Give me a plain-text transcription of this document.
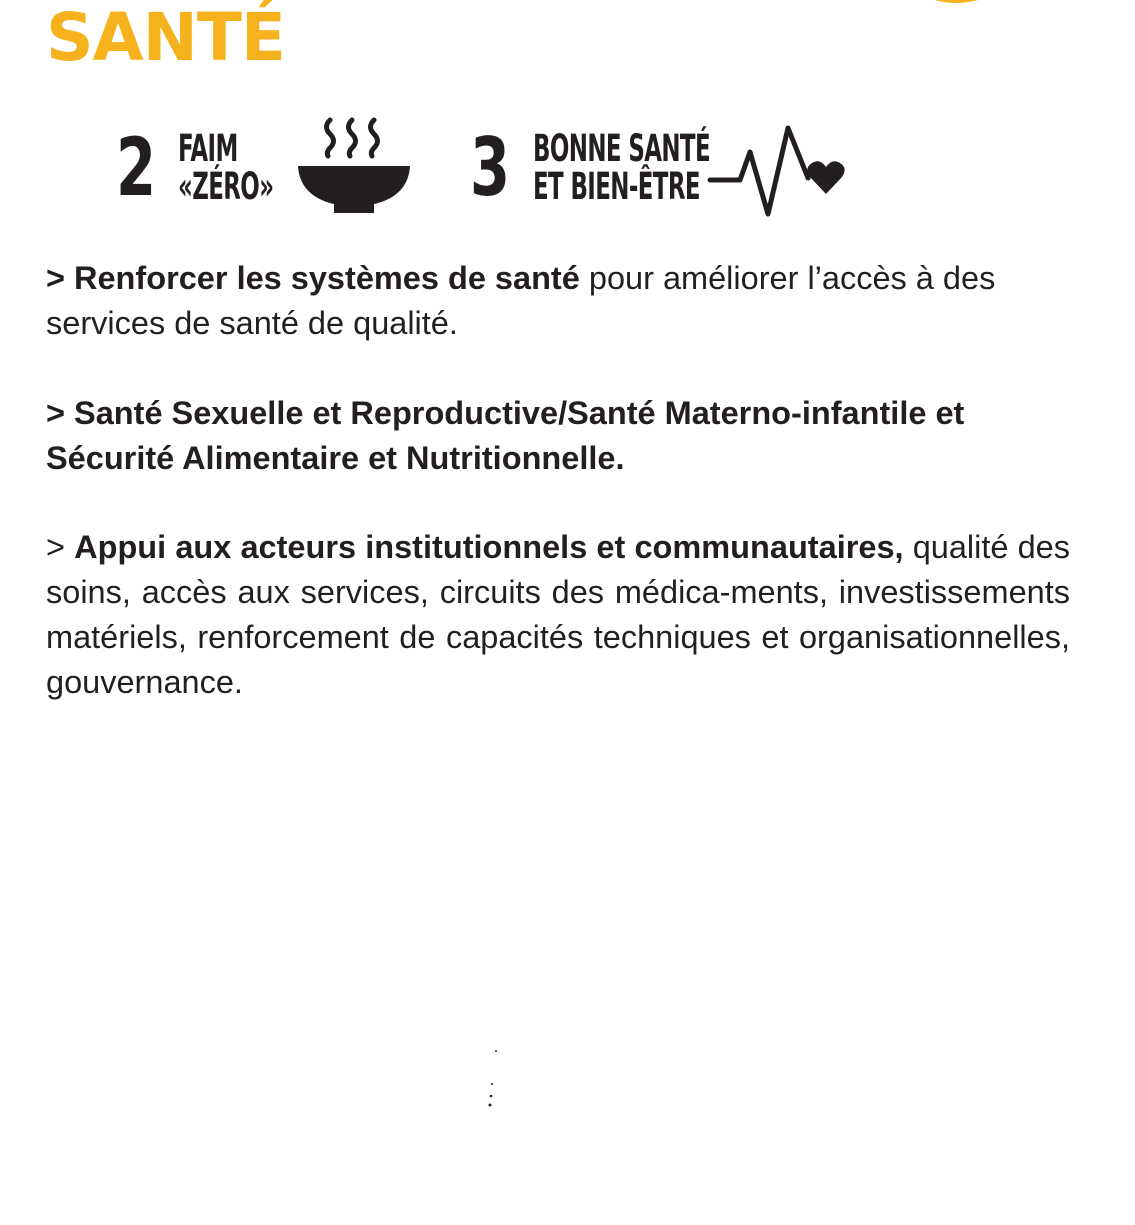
SANTÉ
2 FAIM
«ZÉRO» 3 BONNE SANTÉ
ET BIEN-ÊTRE

> Renforcer les systèmes de santé pour améliorer l’accès à des services de santé de qualité.

> Santé Sexuelle et Reproductive/Santé Materno-infantile et Sécurité Alimentaire et Nutritionnelle.

> Appui aux acteurs institutionnels et communautaires, qualité des soins, accès aux services, circuits des médica-ments, investissements matériels, renforcement de capacités techniques et organisationnelles, gouvernance.
